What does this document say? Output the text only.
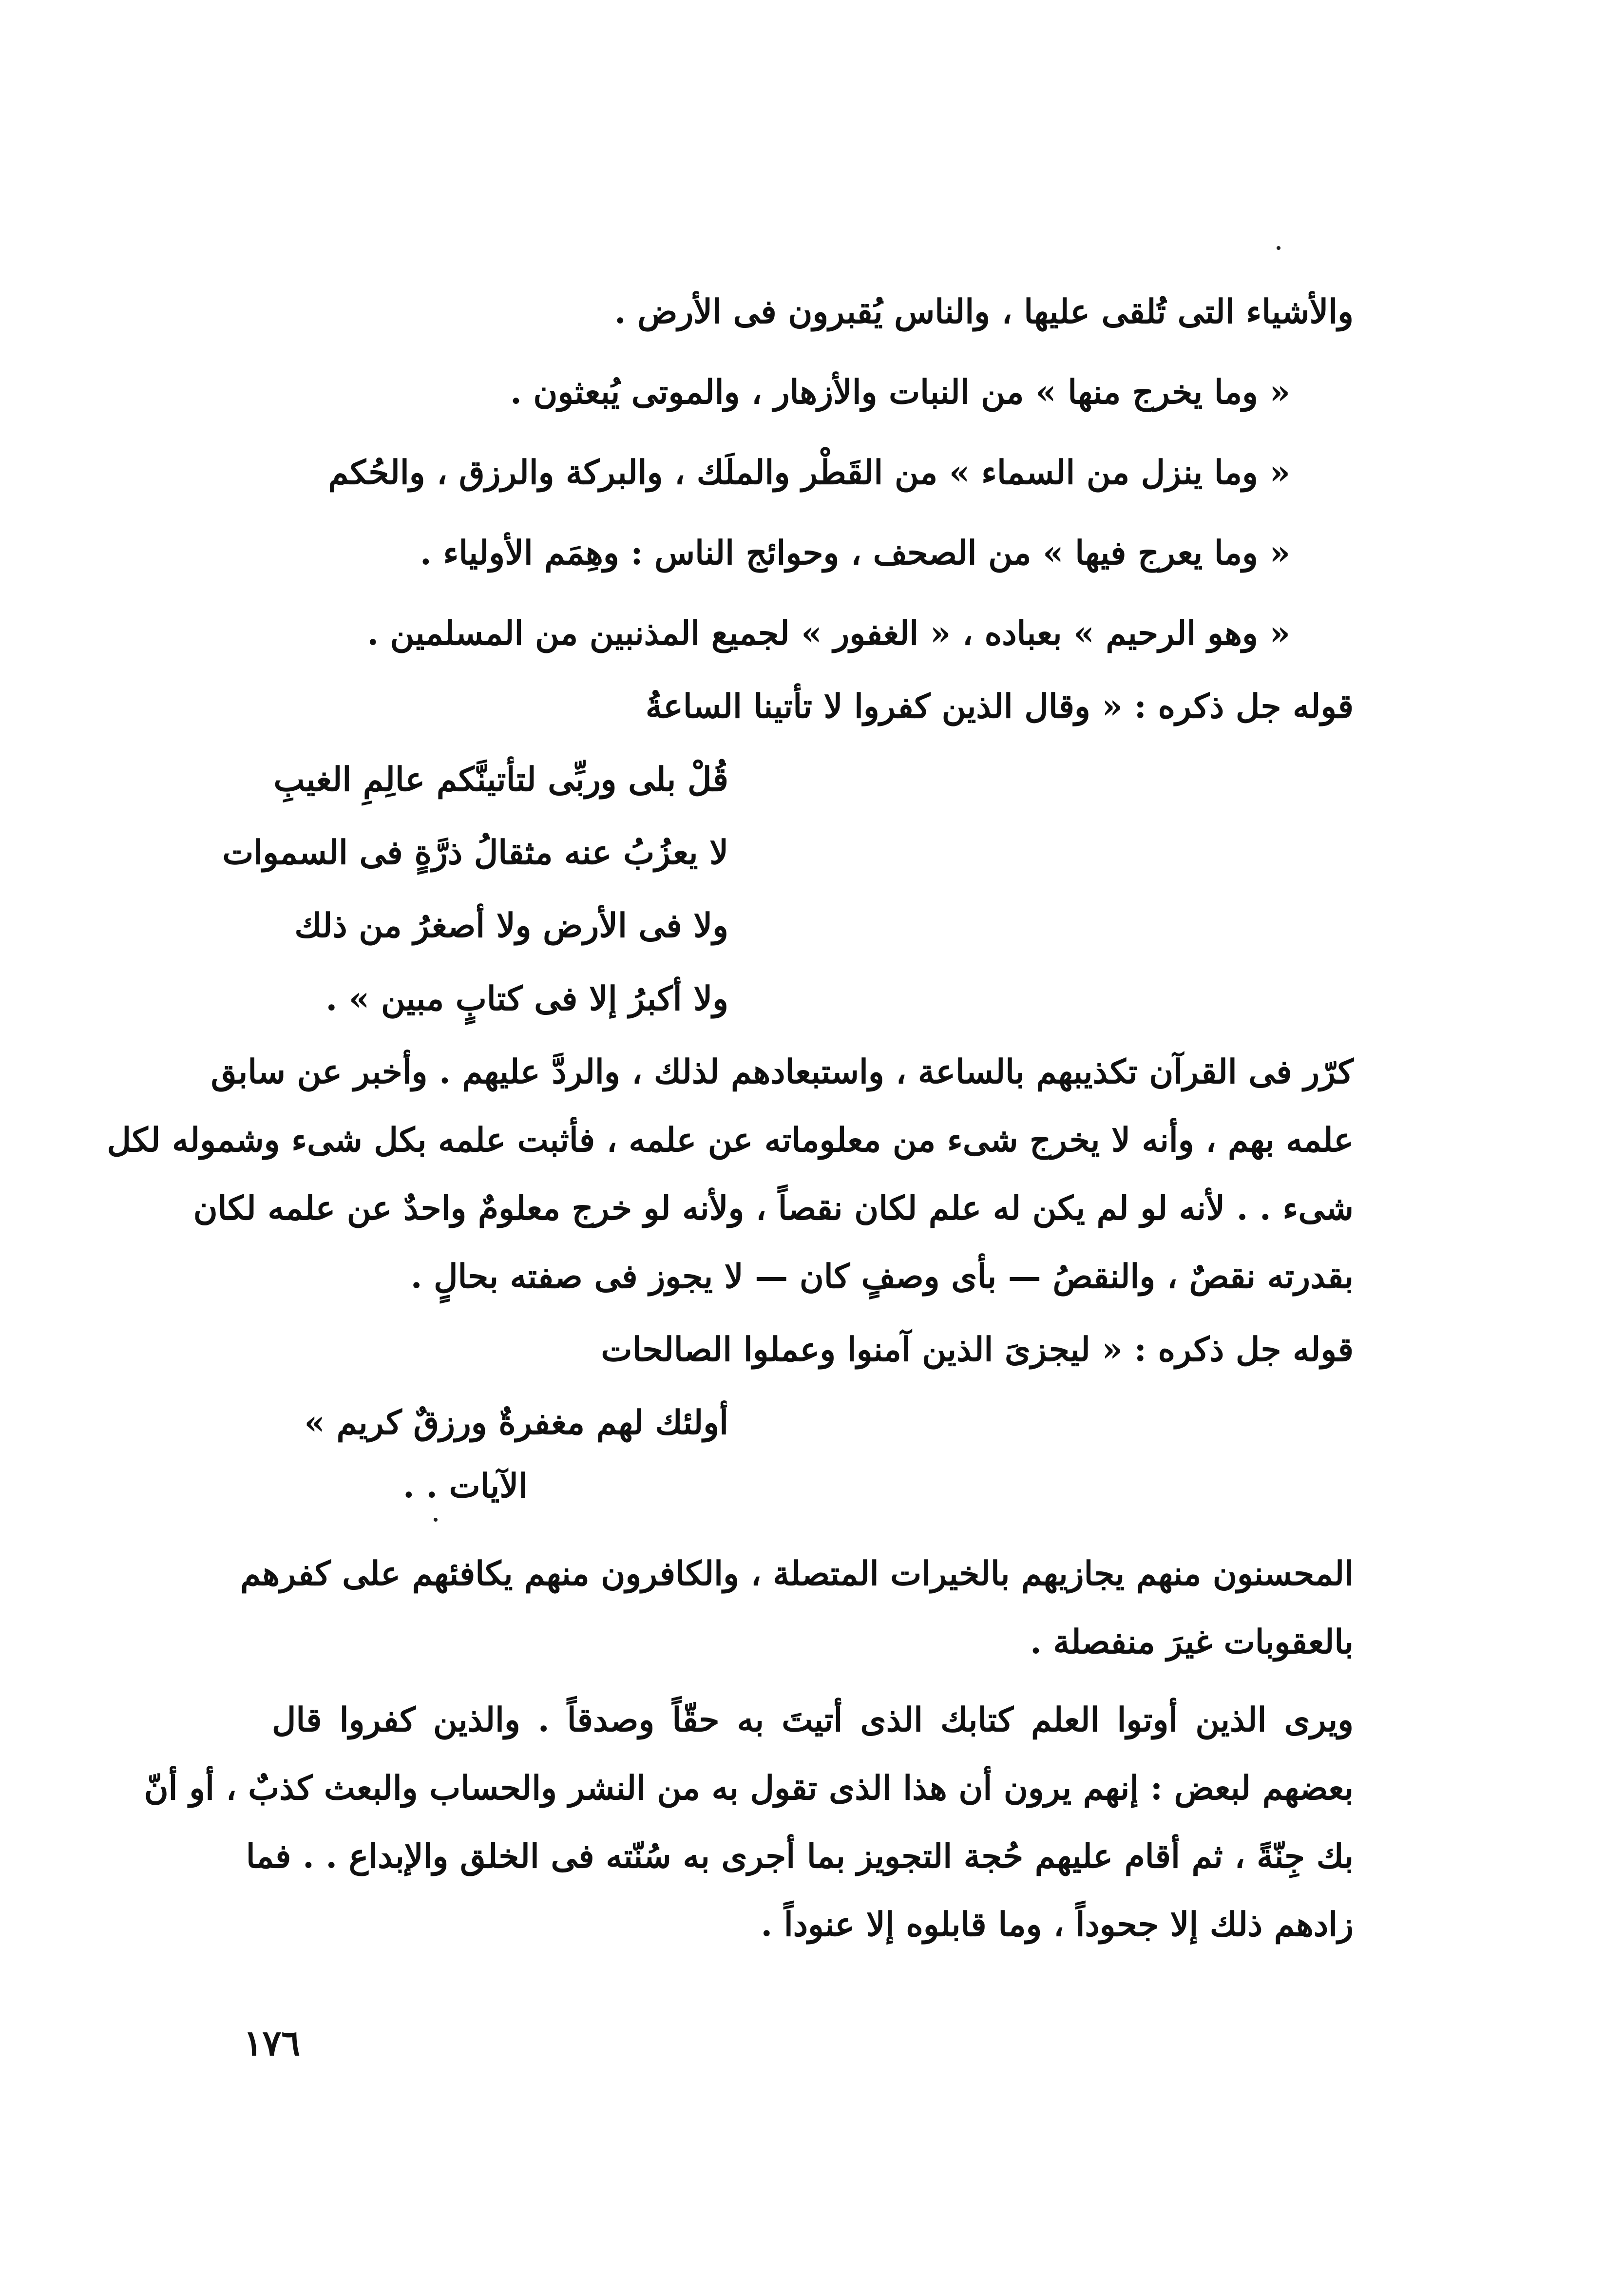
والأشياء التى تُلقى عليها ، والناس يُقبرون فى الأرض .
« وما يخرج منها » من النبات والأزهار ، والموتى يُبعثون .
« وما ينزل من السماء » من القَطْر والملَك ، والبركة والرزق ، والحُكم
« وما يعرج فيها » من الصحف ، وحوائج الناس : وهِمَم الأولياء .
« وهو الرحيم » بعباده ، « الغفور » لجميع المذنبين من المسلمين .
قوله جل ذكره : « وقال الذين كفروا لا تأتينا الساعةُ
قُلْ بلى وربِّى لتأتينَّكم عالِمِ الغيبِ
لا يعزُبُ عنه مثقالُ ذرَّةٍ فى السموات
ولا فى الأرض ولا أصغرُ من ذلك
ولا أكبرُ إلا فى كتابٍ مبين » .
كرّر فى القرآن تكذيبهم بالساعة ، واستبعادهم لذلك ، والردَّ عليهم . وأخبر عن سابق
علمه بهم ، وأنه لا يخرج شىء من معلوماته عن علمه ، فأثبت علمه بكل شىء وشموله لكل
شىء . . لأنه لو لم يكن له علم لكان نقصاً ، ولأنه لو خرج معلومٌ واحدٌ عن علمه لكان
بقدرته نقصٌ ، والنقصُ — بأى وصفٍ كان — لا يجوز فى صفته بحالٍ .
قوله جل ذكره : « ليجزىَ الذين آمنوا وعملوا الصالحات
أولئك لهم مغفرةٌ ورزقٌ كريم »
الآيات . .
المحسنون منهم يجازيهم بالخيرات المتصلة ، والكافرون منهم يكافئهم على كفرهم
بالعقوبات غيرَ منفصلة .
ويرى الذين أوتوا العلم كتابك الذى أتيتَ به حقّاً وصدقاً . والذين كفروا قال
بعضهم لبعض : إنهم يرون أن هذا الذى تقول به من النشر والحساب والبعث كذبٌ ، أو أنّ
بك جِنّةً ، ثم أقام عليهم حُجة التجويز بما أجرى به سُنّته فى الخلق والإبداع . . فما
زادهم ذلك إلا جحوداً ، وما قابلوه إلا عنوداً .
١٧٦
